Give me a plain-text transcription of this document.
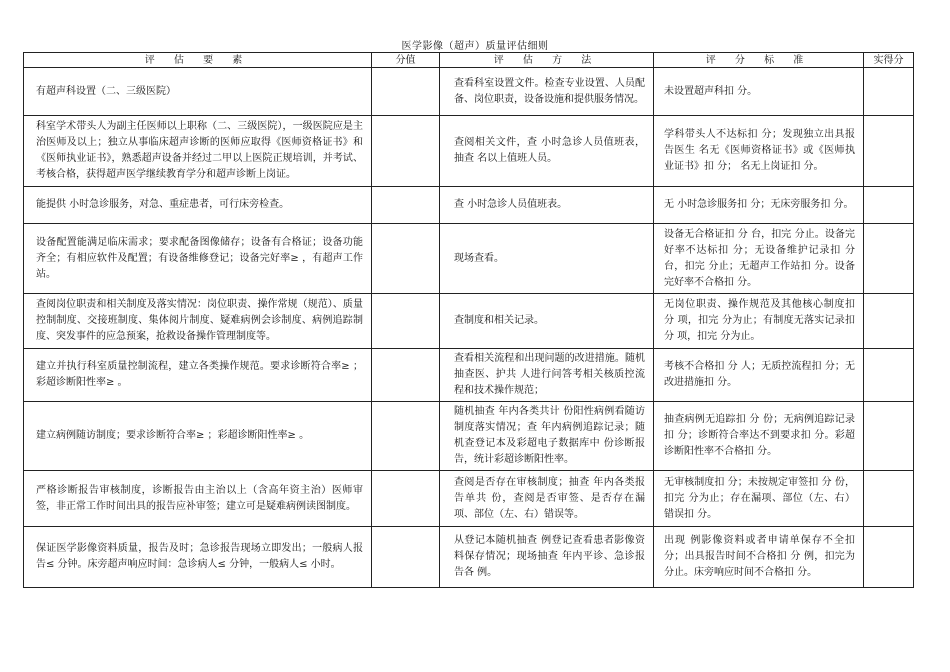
医学影像（超声）质量评估细则
评 估 要 素	分值	评 估 方 法	评 分 标 准	实得分

有超声科设置（二、三级医院）		查看科室设置文件。检查专业设置、人员配备、岗位职责，设备设施和提供服务情况。	未设置超声科扣 分。	

科室学术带头人为副主任医师以上职称（二、三级医院），一级医院应是主治医师及以上；独立从事临床超声诊断的医师应取得《医师资格证书》和《医师执业证书》，熟悉超声设备并经过二甲以上医院正规培训，并考试、考核合格，获得超声医学继续教育学分和超声诊断上岗证。		查阅相关文件，查 小时急诊人员值班表，抽查 名以上值班人员。	学科带头人不达标扣 分；发现独立出具报告医生 名无《医师资格证书》或《医师执业证书》扣 分； 名无上岗证扣 分。	

能提供 小时急诊服务，对急、重症患者，可行床旁检查。		查 小时急诊人员值班表。	无 小时急诊服务扣 分；无床旁服务扣 分。	

设备配置能满足临床需求；要求配备图像储存；设备有合格证；设备功能齐全；有相应软件及配置；有设备维修登记；设备完好率≥ ，有超声工作站。		现场查看。	设备无合格证扣 分 台，扣完 分止。设备完好率不达标扣 分；无设备维护记录扣 分 台，扣完 分止；无超声工作站扣 分。设备完好率不合格扣 分。	

查阅岗位职责和相关制度及落实情况：岗位职责、操作常规（规范）、质量控制制度、交接班制度、集体阅片制度、疑难病例会诊制度、病例追踪制度、突发事件的应急预案，抢救设备操作管理制度等。		查制度和相关记录。	无岗位职责、操作规范及其他核心制度扣 分 项，扣完 分为止；有制度无落实记录扣 分 项，扣完 分为止。	

建立并执行科室质量控制流程，建立各类操作规范。要求诊断符合率≥ ；彩超诊断阳性率≥ 。		查看相关流程和出现问题的改进措施。随机抽查医、护共 人进行问答考相关核质控流程和技术操作规范；	考核不合格扣 分 人；无质控流程扣 分；无改进措施扣 分。	

建立病例随访制度；要求诊断符合率≥ ；彩超诊断阳性率≥ 。		随机抽查 年内各类共计 份阳性病例看随访制度落实情况；查 年内病例追踪记录；随机查登记本及彩超电子数据库中 份诊断报告，统计彩超诊断阳性率。	抽查病例无追踪扣 分 份；无病例追踪记录扣 分；诊断符合率达不到要求扣 分。彩超诊断阳性率不合格扣 分。	

严格诊断报告审核制度，诊断报告由主治以上（含高年资主治）医师审签，非正常工作时间出具的报告应补审签；建立可是疑难病例读图制度。		查阅是否存在审核制度；抽查 年内各类报告单共 份，查阅是否审签、是否存在漏项、部位（左、右）错误等。	无审核制度扣 分；未按规定审签扣 分 份，扣完 分为止；存在漏项、部位（左、右）错误扣 分。	

保证医学影像资料质量，报告及时；急诊报告现场立即发出；一般病人报告≤ 分钟。床旁超声响应时间：急诊病人≤ 分钟，一般病人≤ 小时。		从登记本随机抽查 例登记查看患者影像资料保存情况；现场抽查 年内平诊、急诊报告各 例。	出现 例影像资料或者申请单保存不全扣 分；出具报告时间不合格扣 分 例，扣完为分止。床旁响应时间不合格扣 分。	
